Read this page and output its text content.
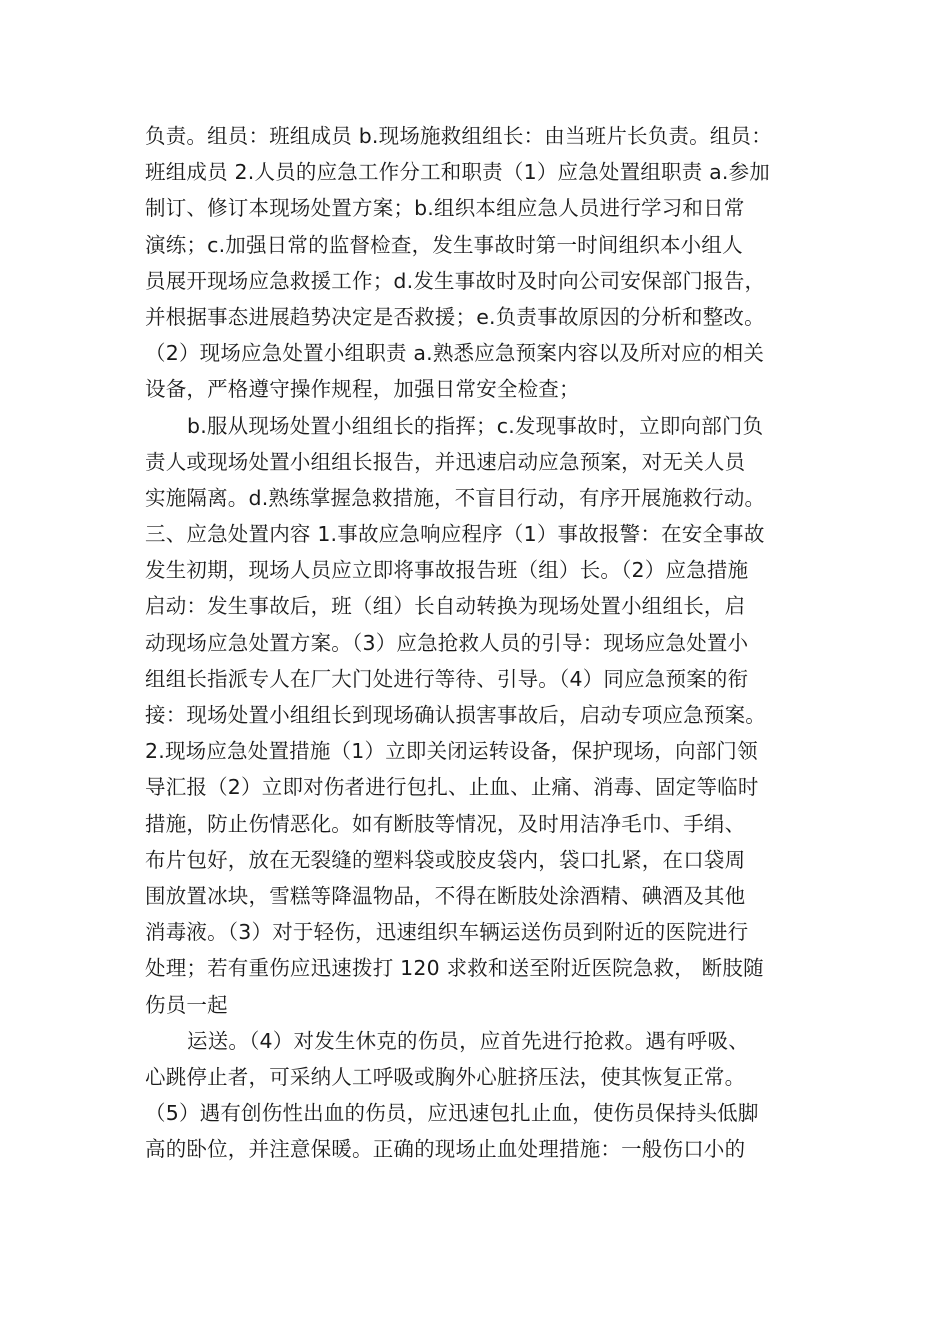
负责。组员：班组成员 b.现场施救组组长：由当班片长负责。组员：
班组成员 2.人员的应急工作分工和职责（1）应急处置组职责 a.参加
制订、修订本现场处置方案；b.组织本组应急人员进行学习和日常
演练；c.加强日常的监督检查，发生事故时第一时间组织本小组人
员展开现场应急救援工作；d.发生事故时及时向公司安保部门报告，
并根据事态进展趋势决定是否救援；e.负责事故原因的分析和整改。
（2）现场应急处置小组职责 a.熟悉应急预案内容以及所对应的相关
设备，严格遵守操作规程，加强日常安全检查；
b.服从现场处置小组组长的指挥；c.发现事故时，立即向部门负
责人或现场处置小组组长报告，并迅速启动应急预案，对无关人员
实施隔离。d.熟练掌握急救措施，不盲目行动，有序开展施救行动。
三、应急处置内容 1.事故应急响应程序（1）事故报警：在安全事故
发生初期，现场人员应立即将事故报告班（组）长。（2）应急措施
启动：发生事故后，班（组）长自动转换为现场处置小组组长，启
动现场应急处置方案。（3）应急抢救人员的引导：现场应急处置小
组组长指派专人在厂大门处进行等待、引导。（4）同应急预案的衔
接：现场处置小组组长到现场确认损害事故后，启动专项应急预案。
2.现场应急处置措施（1）立即关闭运转设备，保护现场，向部门领
导汇报（2）立即对伤者进行包扎、止血、止痛、消毒、固定等临时
措施，防止伤情恶化。如有断肢等情况，及时用洁净毛巾、手绢、
布片包好，放在无裂缝的塑料袋或胶皮袋内，袋口扎紧，在口袋周
围放置冰块，雪糕等降温物品，不得在断肢处涂酒精、碘酒及其他
消毒液。（3）对于轻伤，迅速组织车辆运送伤员到附近的医院进行
处理；若有重伤应迅速拨打 120 求救和送至附近医院急救， 断肢随
伤员一起
运送。（4）对发生休克的伤员，应首先进行抢救。遇有呼吸、
心跳停止者，可采纳人工呼吸或胸外心脏挤压法，使其恢复正常。
（5）遇有创伤性出血的伤员，应迅速包扎止血，使伤员保持头低脚
高的卧位，并注意保暖。正确的现场止血处理措施：一般伤口小的
